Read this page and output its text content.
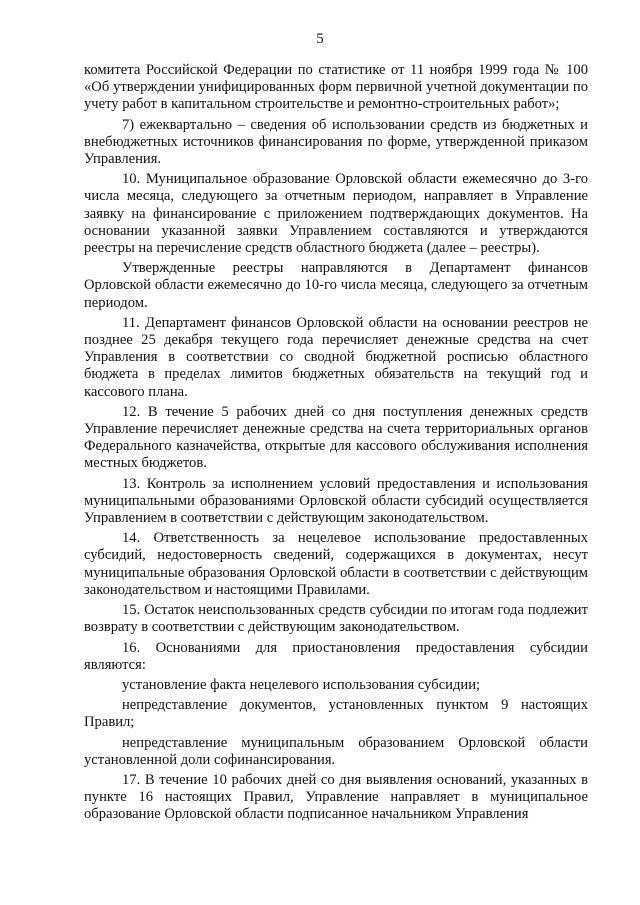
5

комитета Российской Федерации по статистике от 11 ноября 1999 года № 100 «Об утверждении унифицированных форм первичной учетной документации по учету работ в капитальном строительстве и ремонтно-строительных работ»;

7) ежеквартально – сведения об использовании средств из бюджетных и внебюджетных источников финансирования по форме, утвержденной приказом Управления.

10. Муниципальное образование Орловской области ежемесячно до 3-го числа месяца, следующего за отчетным периодом, направляет в Управление заявку на финансирование с приложением подтверждающих документов. На основании указанной заявки Управлением составляются и утверждаются реестры на перечисление средств областного бюджета (далее – реестры).

Утвержденные реестры направляются в Департамент финансов Орловской области ежемесячно до 10-го числа месяца, следующего за отчетным периодом.

11. Департамент финансов Орловской области на основании реестров не позднее 25 декабря текущего года перечисляет денежные средства на счет Управления в соответствии со сводной бюджетной росписью областного бюджета в пределах лимитов бюджетных обязательств на текущий год и кассового плана.

12. В течение 5 рабочих дней со дня поступления денежных средств Управление перечисляет денежные средства на счета территориальных органов Федерального казначейства, открытые для кассового обслуживания исполнения местных бюджетов.

13. Контроль за исполнением условий предоставления и использования муниципальными образованиями Орловской области субсидий осуществляется Управлением в соответствии с действующим законодательством.

14. Ответственность за нецелевое использование предоставленных субсидий, недостоверность сведений, содержащихся в документах, несут муниципальные образования Орловской области в соответствии с действующим законодательством и настоящими Правилами.

15. Остаток неиспользованных средств субсидии по итогам года подлежит возврату в соответствии с действующим законодательством.

16. Основаниями для приостановления предоставления субсидии являются:

установление факта нецелевого использования субсидии;

непредставление документов, установленных пунктом 9 настоящих Правил;

непредставление муниципальным образованием Орловской области установленной доли софинансирования.

17. В течение 10 рабочих дней со дня выявления оснований, указанных в пункте 16 настоящих Правил, Управление направляет в муниципальное образование Орловской области подписанное начальником Управления
